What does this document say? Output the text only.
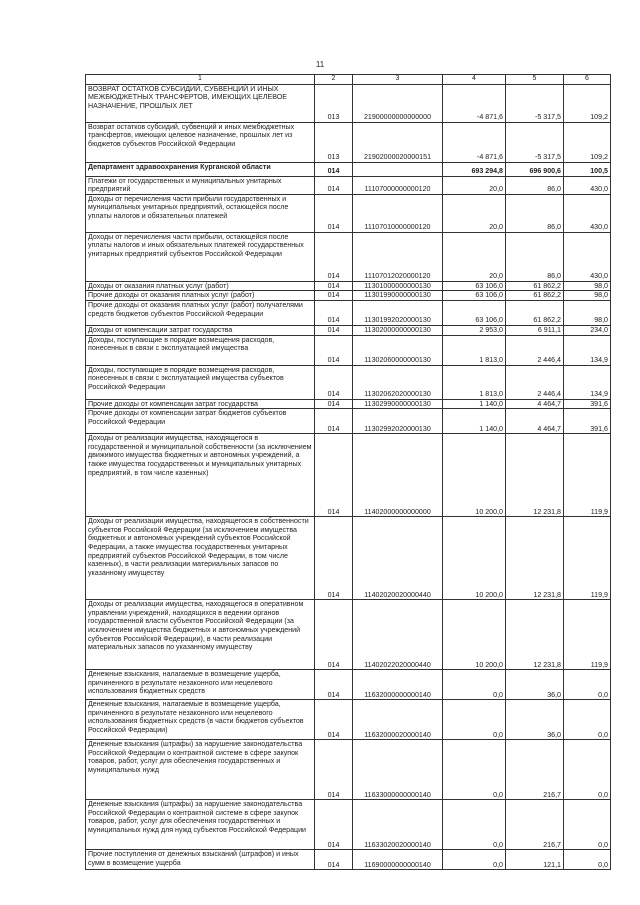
11
1	2	3	4	5	6
ВОЗВРАТ ОСТАТКОВ СУБСИДИЙ, СУБВЕНЦИЙ И ИНЫХ МЕЖБЮДЖЕТНЫХ ТРАНСФЕРТОВ, ИМЕЮЩИХ ЦЕЛЕВОЕ НАЗНАЧЕНИЕ, ПРОШЛЫХ ЛЕТ	013	21900000000000000	-4 871,6	-5 317,5	109,2
Возврат остатков субсидий, субвенций и иных межбюджетных трансфертов, имеющих целевое назначение, прошлых лет из бюджетов субъектов Российской Федерации	013	21902000020000151	-4 871,6	-5 317,5	109,2
Департамент здравоохранения Курганской области	014		693 294,8	696 900,6	100,5
Платежи от государственных и муниципальных унитарных предприятий	014	11107000000000120	20,0	86,0	430,0
Доходы от перечисления части прибыли государственных и муниципальных унитарных предприятий, остающейся после уплаты налогов и обязательных платежей	014	11107010000000120	20,0	86,0	430,0
Доходы от перечисления части прибыли, остающейся после уплаты налогов и иных обязательных платежей государственных унитарных предприятий субъектов Российской Федерации	014	11107012020000120	20,0	86,0	430,0
Доходы от оказания платных услуг (работ)	014	11301000000000130	63 106,0	61 862,2	98,0
Прочие доходы от оказания платных услуг (работ)	014	11301990000000130	63 106,0	61 862,2	98,0
Прочие доходы от оказания платных услуг (работ) получателями средств бюджетов субъектов Российской Федерации	014	11301992020000130	63 106,0	61 862,2	98,0
Доходы от компенсации затрат государства	014	11302000000000130	2 953,0	6 911,1	234,0
Доходы, поступающие в порядке возмещения расходов, понесенных в связи с эксплуатацией имущества	014	11302060000000130	1 813,0	2 446,4	134,9
Доходы, поступающие в порядке возмещения расходов, понесенных в связи с эксплуатацией имущества субъектов Российской Федерации	014	11302062020000130	1 813,0	2 446,4	134,9
Прочие доходы от компенсации затрат государства	014	11302990000000130	1 140,0	4 464,7	391,6
Прочие доходы от компенсации затрат бюджетов субъектов Российской Федерации	014	11302992020000130	1 140,0	4 464,7	391,6
Доходы от реализации имущества, находящегося в государственной и муниципальной собственности (за исключением движимого имущества бюджетных и автономных учреждений, а также имущества государственных и муниципальных унитарных предприятий, в том числе казенных)	014	11402000000000000	10 200,0	12 231,8	119,9
Доходы от реализации имущества, находящегося в собственности субъектов Российской Федерации (за исключением имущества бюджетных и автономных учреждений субъектов Российской Федерации, а также имущества государственных унитарных предприятий субъектов Российской Федерации, в том числе казенных), в части реализации материальных запасов по указанному имуществу	014	11402020020000440	10 200,0	12 231,8	119,9
Доходы от реализации имущества, находящегося в оперативном управлении учреждений, находящихся в ведении органов государственной власти субъектов Российской Федерации (за исключением имущества бюджетных и автономных учреждений субъектов Российской Федерации), в части реализации материальных запасов по указанному имуществу	014	11402022020000440	10 200,0	12 231,8	119,9
Денежные взыскания, налагаемые в возмещение ущерба, причиненного в результате незаконного или нецелевого использования бюджетных средств	014	11632000000000140	0,0	36,0	0,0
Денежные взыскания, налагаемые в возмещение ущерба, причиненного в результате незаконного или нецелевого использования бюджетных средств (в части бюджетов субъектов Российской Федерации)	014	11632000020000140	0,0	36,0	0,0
Денежные взыскания (штрафы) за нарушение законодательства Российской Федерации о контрактной системе в сфере закупок товаров, работ, услуг для обеспечения государственных и муниципальных нужд	014	11633000000000140	0,0	216,7	0,0
Денежные взыскания (штрафы) за нарушение законодательства Российской Федерации о контрактной системе в сфере закупок товаров, работ, услуг для обеспечения государственных и муниципальных нужд для нужд субъектов Российской Федерации	014	11633020020000140	0,0	216,7	0,0
Прочие поступления от денежных взысканий (штрафов) и иных сумм в возмещение ущерба	014	11690000000000140	0,0	121,1	0,0
